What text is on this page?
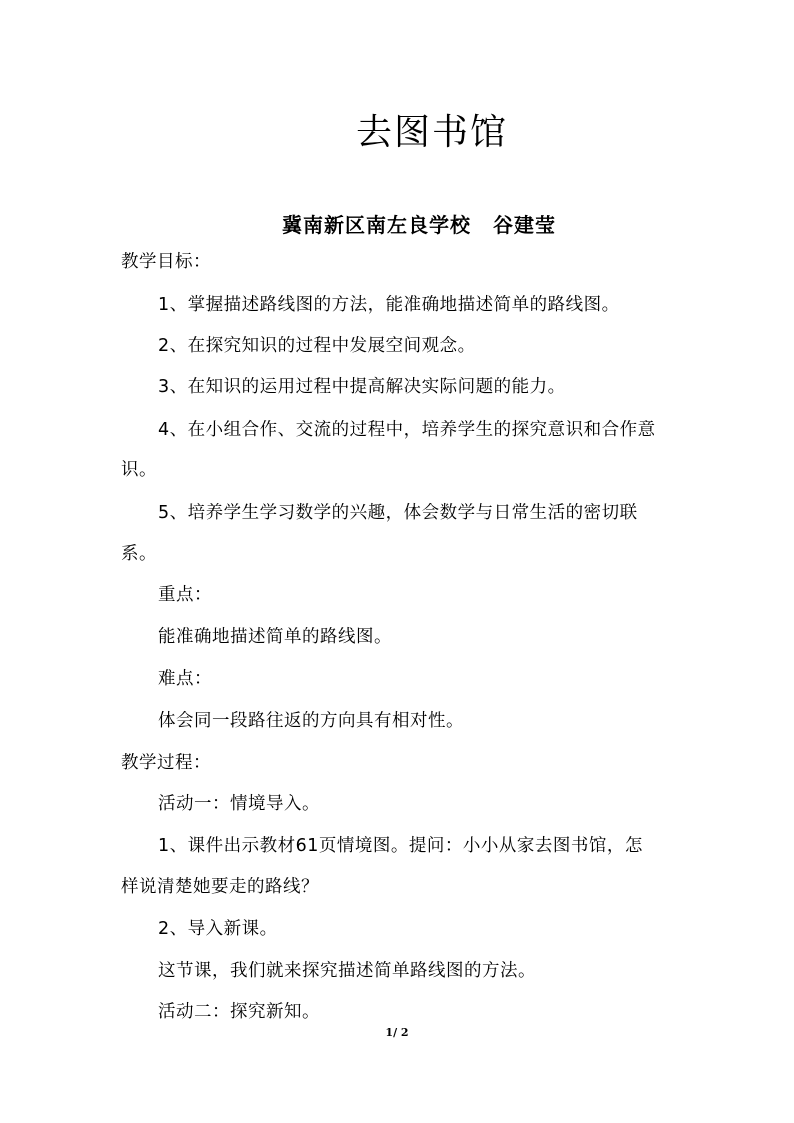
去图书馆
冀南新区南左良学校 谷建莹
教学目标：
1、掌握描述路线图的方法，能准确地描述简单的路线图。
2、在探究知识的过程中发展空间观念。
3、在知识的运用过程中提高解决实际问题的能力。
4、在小组合作、交流的过程中，培养学生的探究意识和合作意
识。
5、培养学生学习数学的兴趣，体会数学与日常生活的密切联
系。
重点：
能准确地描述简单的路线图。
难点：
体会同一段路往返的方向具有相对性。
教学过程：
活动一：情境导入。
1、课件出示教材61页情境图。提问：小小从家去图书馆，怎
样说清楚她要走的路线？
2、导入新课。
这节课，我们就来探究描述简单路线图的方法。
活动二：探究新知。
1/ 2
